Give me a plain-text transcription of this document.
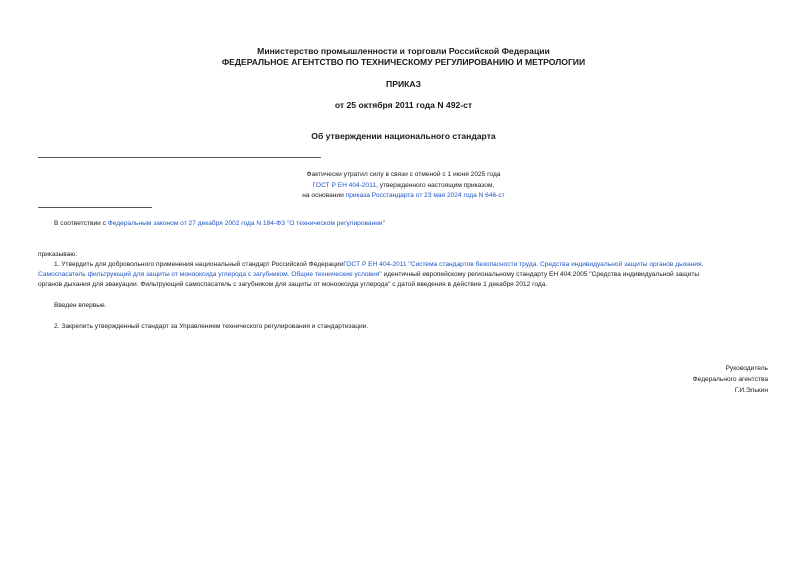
Министерство промышленности и торговли Российской Федерации
ФЕДЕРАЛЬНОЕ АГЕНТСТВО ПО ТЕХНИЧЕСКОМУ РЕГУЛИРОВАНИЮ И МЕТРОЛОГИИ
ПРИКАЗ
от 25 октября 2011 года N 492-ст
Об утверждении национального стандарта
Фактически утратил силу в связи с отменой с 1 июня 2025 года
ГОСТ Р ЕН 404-2011, утвержденного настоящим приказом,
на основании приказа Росстандарта от 23 мая 2024 года N 646-ст
В соответствии с Федеральным законом от 27 декабря 2002 года N 184-ФЗ "О техническом регулировании"
приказываю:
1. Утвердить для добровольного применения национальный стандарт Российской ФедерацииГОСТ Р ЕН 404-2011 "Система стандартов безопасности труда. Средства индивидуальной защиты органов дыхания.
Самоспасатель фильтрующий для защиты от монооксида углерода с загубником. Общие технические условия" идентичный европейскому региональному стандарту ЕН 404:2005 "Средства индивидуальной защиты
органов дыхания для эвакуации. Фильтрующий самоспасатель с загубником для защиты от монооксида углерода" с датой введения в действие 1 декабря 2012 года.
Введен впервые.
2. Закрепить утвержденный стандарт за Управлением технического регулирования и стандартизации.
Руководитель
Федерального агентства
Г.И.Элькин
